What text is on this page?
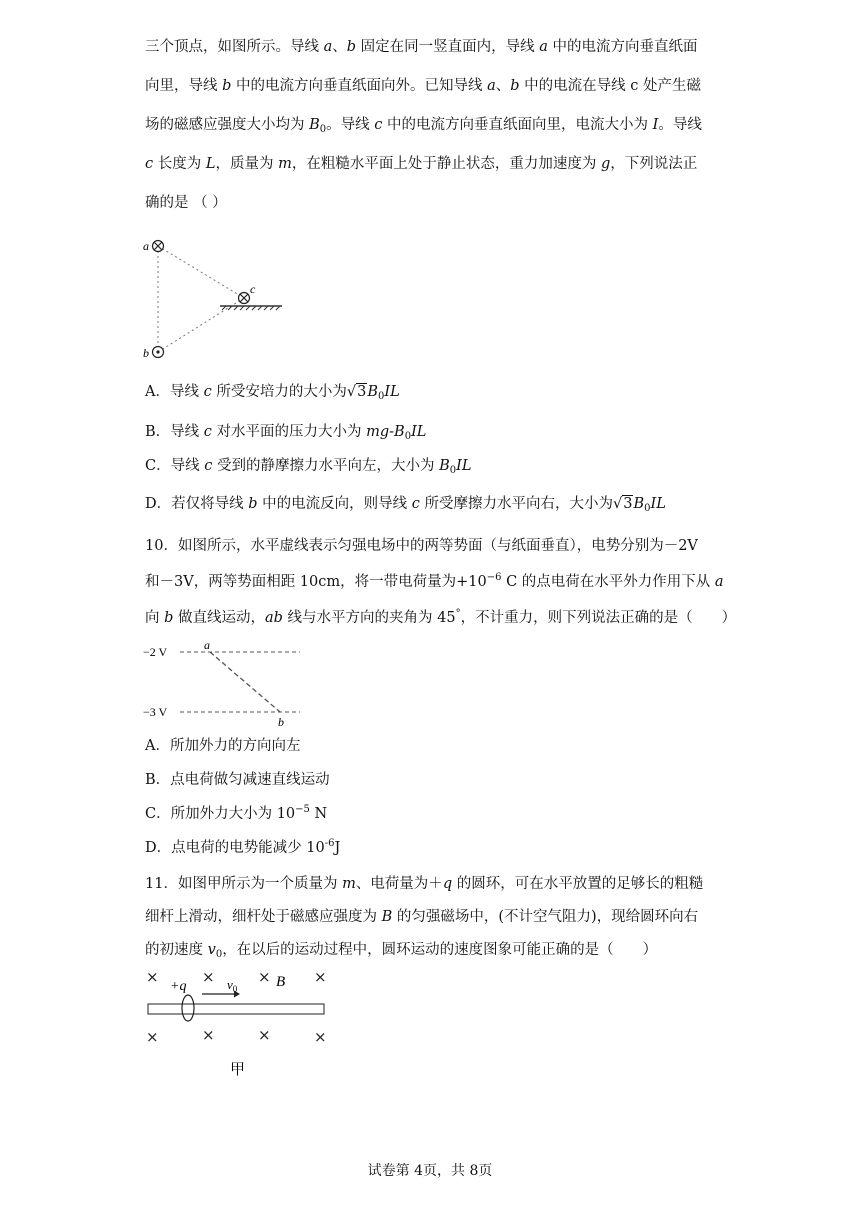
三个顶点，如图所示。导线 a、b 固定在同一竖直面内，导线 a 中的电流方向垂直纸面
向里，导线 b 中的电流方向垂直纸面向外。已知导线 a、b 中的电流在导线 c 处产生磁
场的磁感应强度大小均为 $B_0$。导线 c 中的电流方向垂直纸面向里，电流大小为 I。导线
c 长度为 L，质量为 m，在粗糙水平面上处于静止状态，重力加速度为 g，下列说法正
确的是 （ ）
a
b
c
A．导线 c 所受安培力的大小为$√3B_0IL$
B．导线 c 对水平面的压力大小为 $mg-B_0IL$
C．导线 c 受到的静摩擦力水平向左，大小为 $B_0IL$
D．若仅将导线 b 中的电流反向，则导线 c 所受摩擦力水平向右，大小为$√3B_0IL$
10．如图所示，水平虚线表示匀强电场中的两等势面（与纸面垂直），电势分别为－2V
和－3V，两等势面相距 10cm，将一带电荷量为$+10^{-6}$ C 的点电荷在水平外力作用下从 a
向 b 做直线运动，ab 线与水平方向的夹角为 45°，不计重力，则下列说法正确的是（　　）
−2 V
−3 V
a
b
A．所加外力的方向向左
B．点电荷做匀减速直线运动
C．所加外力大小为 $10^{-5}$ N
D．点电荷的电势能减少 $10^{-6}J$
11．如图甲所示为一个质量为 m、电荷量为＋q 的圆环，可在水平放置的足够长的粗糙
细杆上滑动，细杆处于磁感应强度为 B 的匀强磁场中，(不计空气阻力)，现给圆环向右
的初速度 $v_0$，在以后的运动过程中，圆环运动的速度图象可能正确的是（　　）
×	×	×	×
×	×	×	×
+q	$v_0$	B
甲
试卷第 4页，共 8页
